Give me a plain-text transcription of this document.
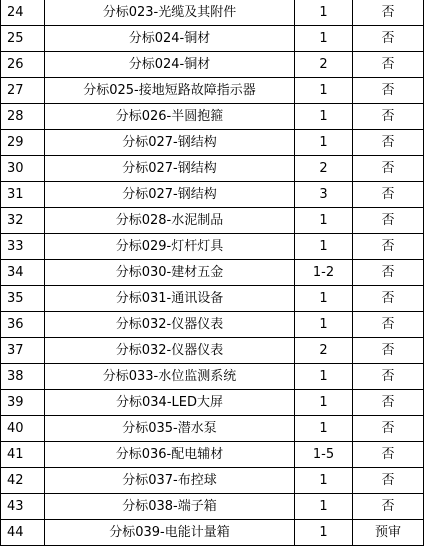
24	分标023-光缆及其附件	1	否
25	分标024-铜材	1	否
26	分标024-铜材	2	否
27	分标025-接地短路故障指示器	1	否
28	分标026-半圆抱箍	1	否
29	分标027-钢结构	1	否
30	分标027-钢结构	2	否
31	分标027-钢结构	3	否
32	分标028-水泥制品	1	否
33	分标029-灯杆灯具	1	否
34	分标030-建材五金	1-2	否
35	分标031-通讯设备	1	否
36	分标032-仪器仪表	1	否
37	分标032-仪器仪表	2	否
38	分标033-水位监测系统	1	否
39	分标034-LED大屏	1	否
40	分标035-潜水泵	1	否
41	分标036-配电辅材	1-5	否
42	分标037-布控球	1	否
43	分标038-端子箱	1	否
44	分标039-电能计量箱	1	预审
